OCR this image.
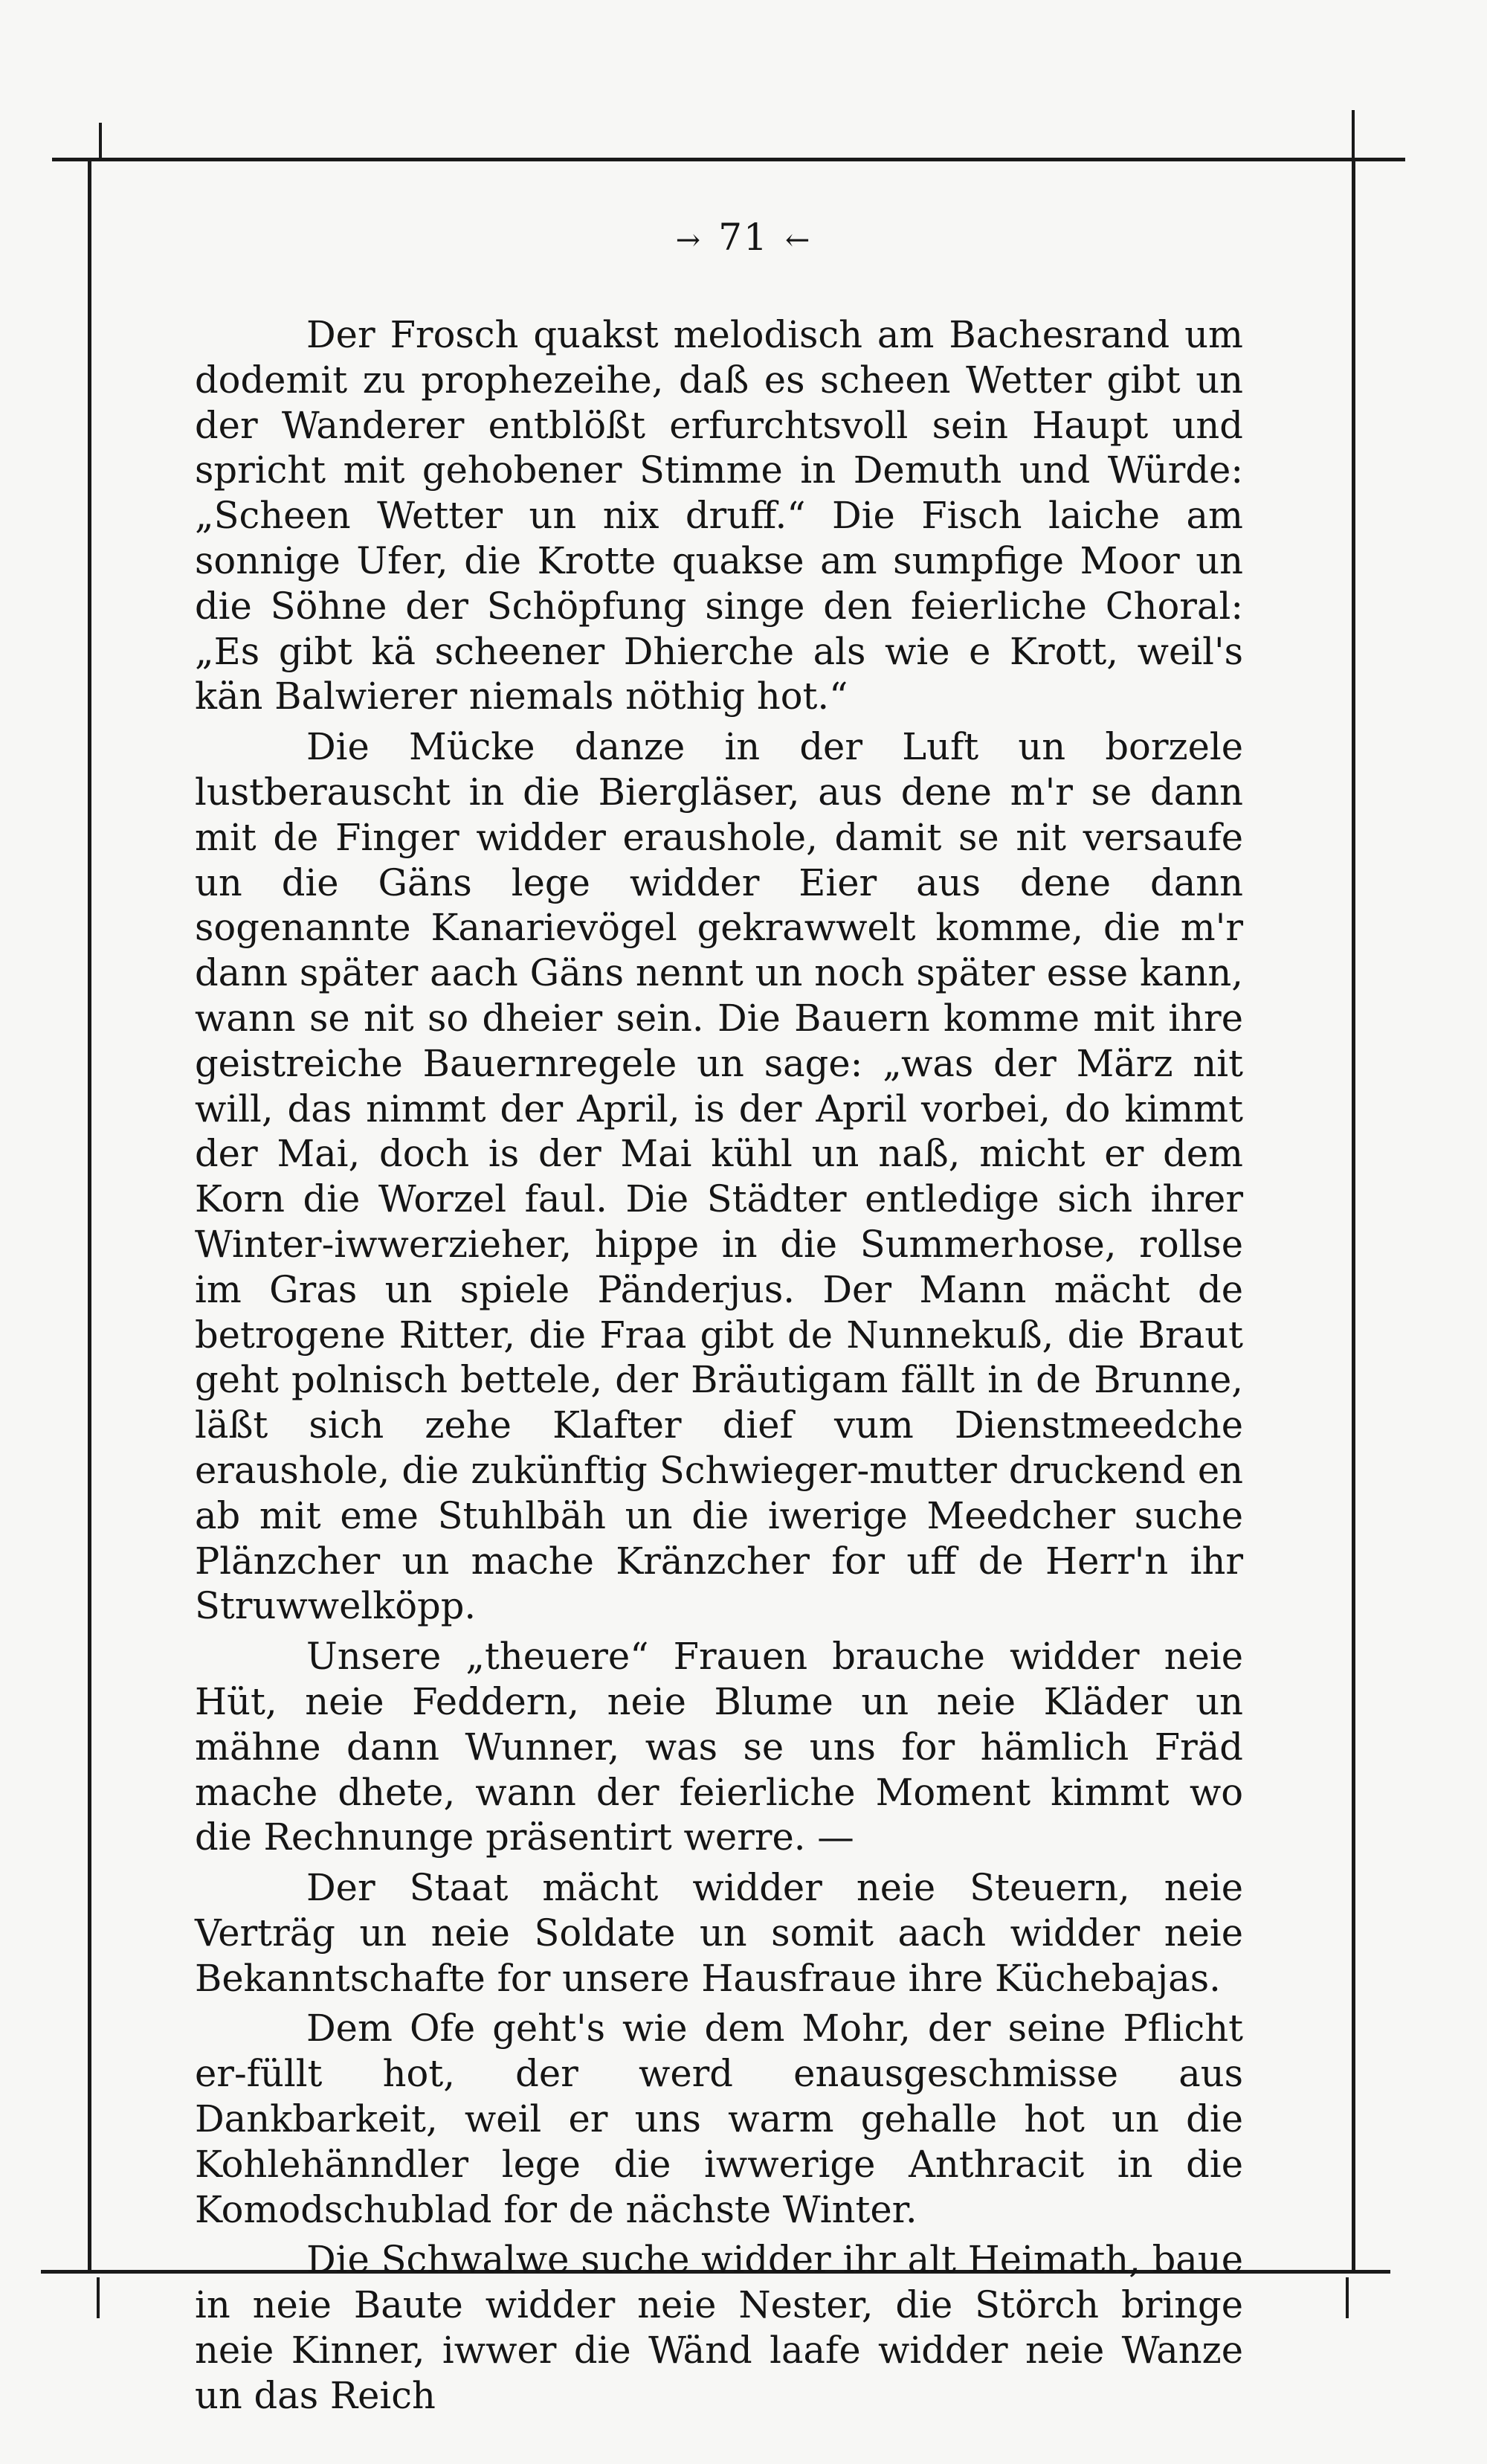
→ 71 ←

Der Frosch quakst melodisch am Bachesrand um dodemit zu prophezeihe, daß es scheen Wetter gibt un der Wanderer entblößt erfurchtsvoll sein Haupt und spricht mit gehobener Stimme in Demuth und Würde: „Scheen Wetter un nix druff.“ Die Fisch laiche am sonnige Ufer, die Krotte quakse am sumpfige Moor un die Söhne der Schöpfung singe den feierliche Choral: „Es gibt kä scheener Dhierche als wie e Krott, weil's kän Balwierer niemals nöthig hot.“

Die Mücke danze in der Luft un borzele lustberauscht in die Biergläser, aus dene m'r se dann mit de Finger widder eraushole, damit se nit versaufe un die Gäns lege widder Eier aus dene dann sogenannte Kanarievögel gekrawwelt komme, die m'r dann später aach Gäns nennt un noch später esse kann, wann se nit so dheier sein. Die Bauern komme mit ihre geistreiche Bauernregele un sage: „was der März nit will, das nimmt der April, is der April vorbei, do kimmt der Mai, doch is der Mai kühl un naß, micht er dem Korn die Worzel faul. Die Städter entledige sich ihrer Winter-iwwerzieher, hippe in die Summerhose, rollse im Gras un spiele Pänderjus. Der Mann mächt de betrogene Ritter, die Fraa gibt de Nunnekuß, die Braut geht polnisch bettele, der Bräutigam fällt in de Brunne, läßt sich zehe Klafter dief vum Dienstmeedche eraushole, die zukünftig Schwieger-mutter druckend en ab mit eme Stuhlbäh un die iwerige Meedcher suche Plänzcher un mache Kränzcher for uff de Herr'n ihr Struwwelköpp.

Unsere „theuere“ Frauen brauche widder neie Hüt, neie Feddern, neie Blume un neie Kläder un mähne dann Wunner, was se uns for hämlich Fräd mache dhete, wann der feierliche Moment kimmt wo die Rechnunge präsentirt werre. —

Der Staat mächt widder neie Steuern, neie Verträg un neie Soldate un somit aach widder neie Bekanntschafte for unsere Hausfraue ihre Küchebajas.

Dem Ofe geht's wie dem Mohr, der seine Pflicht er-füllt hot, der werd enausgeschmisse aus Dankbarkeit, weil er uns warm gehalle hot un die Kohlehänndler lege die iwwerige Anthracit in die Komodschublad for de nächste Winter.

Die Schwalwe suche widder ihr alt Heimath, baue in neie Baute widder neie Nester, die Störch bringe neie Kinner, iwwer die Wänd laafe widder neie Wanze un das Reich
